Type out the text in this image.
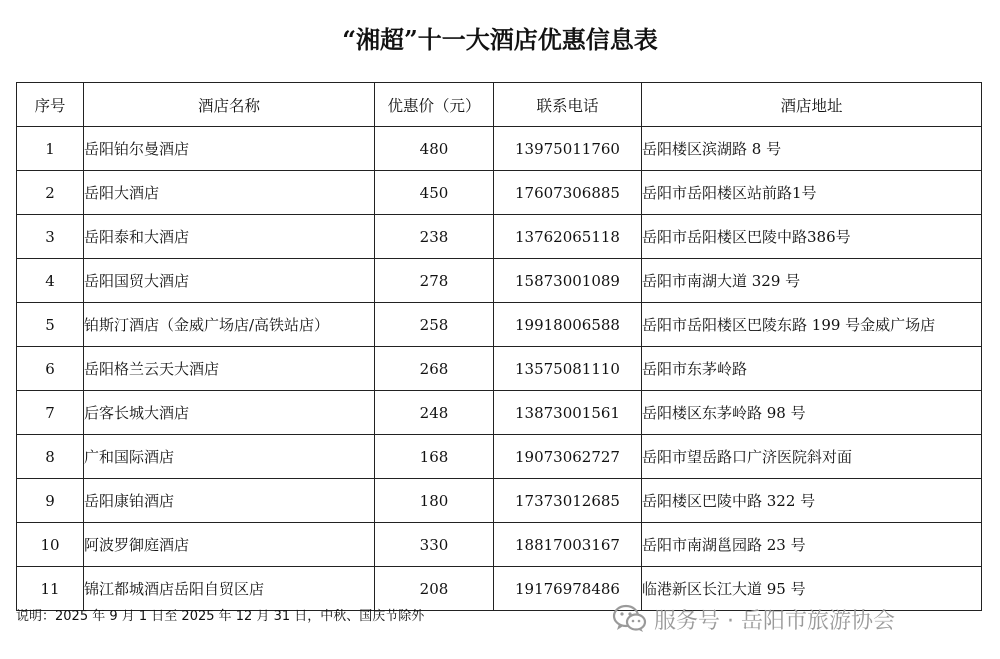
“湘超”十一大酒店优惠信息表
序号	酒店名称	优惠价（元）	联系电话	酒店地址
1	岳阳铂尔曼酒店	480	13975011760	岳阳楼区滨湖路 8 号
2	岳阳大酒店	450	17607306885	岳阳市岳阳楼区站前路1号
3	岳阳泰和大酒店	238	13762065118	岳阳市岳阳楼区巴陵中路386号
4	岳阳国贸大酒店	278	15873001089	岳阳市南湖大道 329 号
5	铂斯汀酒店（金威广场店/高铁站店）	258	19918006588	岳阳市岳阳楼区巴陵东路 199 号金威广场店
6	岳阳格兰云天大酒店	268	13575081110	岳阳市东茅岭路
7	后客长城大酒店	248	13873001561	岳阳楼区东茅岭路 98 号
8	广和国际酒店	168	19073062727	岳阳市望岳路口广济医院斜对面
9	岳阳康铂酒店	180	17373012685	岳阳楼区巴陵中路 322 号
10	阿波罗御庭酒店	330	18817003167	岳阳市南湖邕园路 23 号
11	锦江都城酒店岳阳自贸区店	208	19176978486	临港新区长江大道 95 号
说明：2025 年 9 月 1 日至 2025 年 12 月 31 日，中秋、国庆节除外	服务号 · 岳阳市旅游协会
